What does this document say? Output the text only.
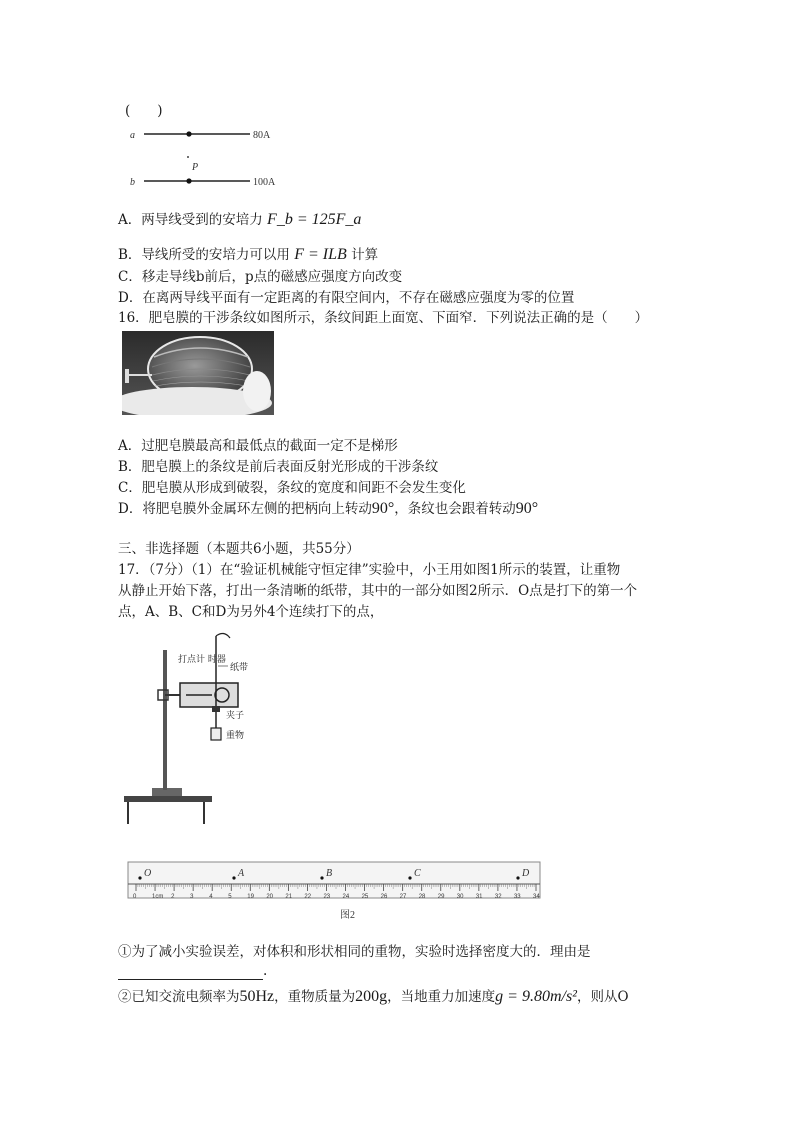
(　　)
a	80A
P
b	100A
A．两导线受到的安培力 F_b = 125F_a
B．导线所受的安培力可以用 F = ILB 计算
C．移走导线b前后，p点的磁感应强度方向改变
D．在离两导线平面有一定距离的有限空间内，不存在磁感应强度为零的位置
16．肥皂膜的干涉条纹如图所示，条纹间距上面宽、下面窄．下列说法正确的是（　　）
A．过肥皂膜最高和最低点的截面一定不是梯形
B．肥皂膜上的条纹是前后表面反射光形成的干涉条纹
C．肥皂膜从形成到破裂，条纹的宽度和间距不会发生变化
D．将肥皂膜外金属环左侧的把柄向上转动90°，条纹也会跟着转动90°
三、非选择题（本题共6小题，共55分）
17．（7分）（1）在“验证机械能守恒定律”实验中，小王用如图1所示的装置，让重物
从静止开始下落，打出一条清晰的纸带，其中的一部分如图2所示．O点是打下的第一个
点，A、B、C和D为另外4个连续打下的点，
打点计 时器
纸带
夹子
重物
O	A	B	C	D
0	1cm 2	3	4	5	19 20 21 22 23 24 25 26 27 28 29 30 31 32 33 34
图2
①为了减小实验误差，对体积和形状相同的重物，实验时选择密度大的．理由是
.
②已知交流电频率为50Hz，重物质量为200g，当地重力加速度g = 9.80m/s²，则从O
